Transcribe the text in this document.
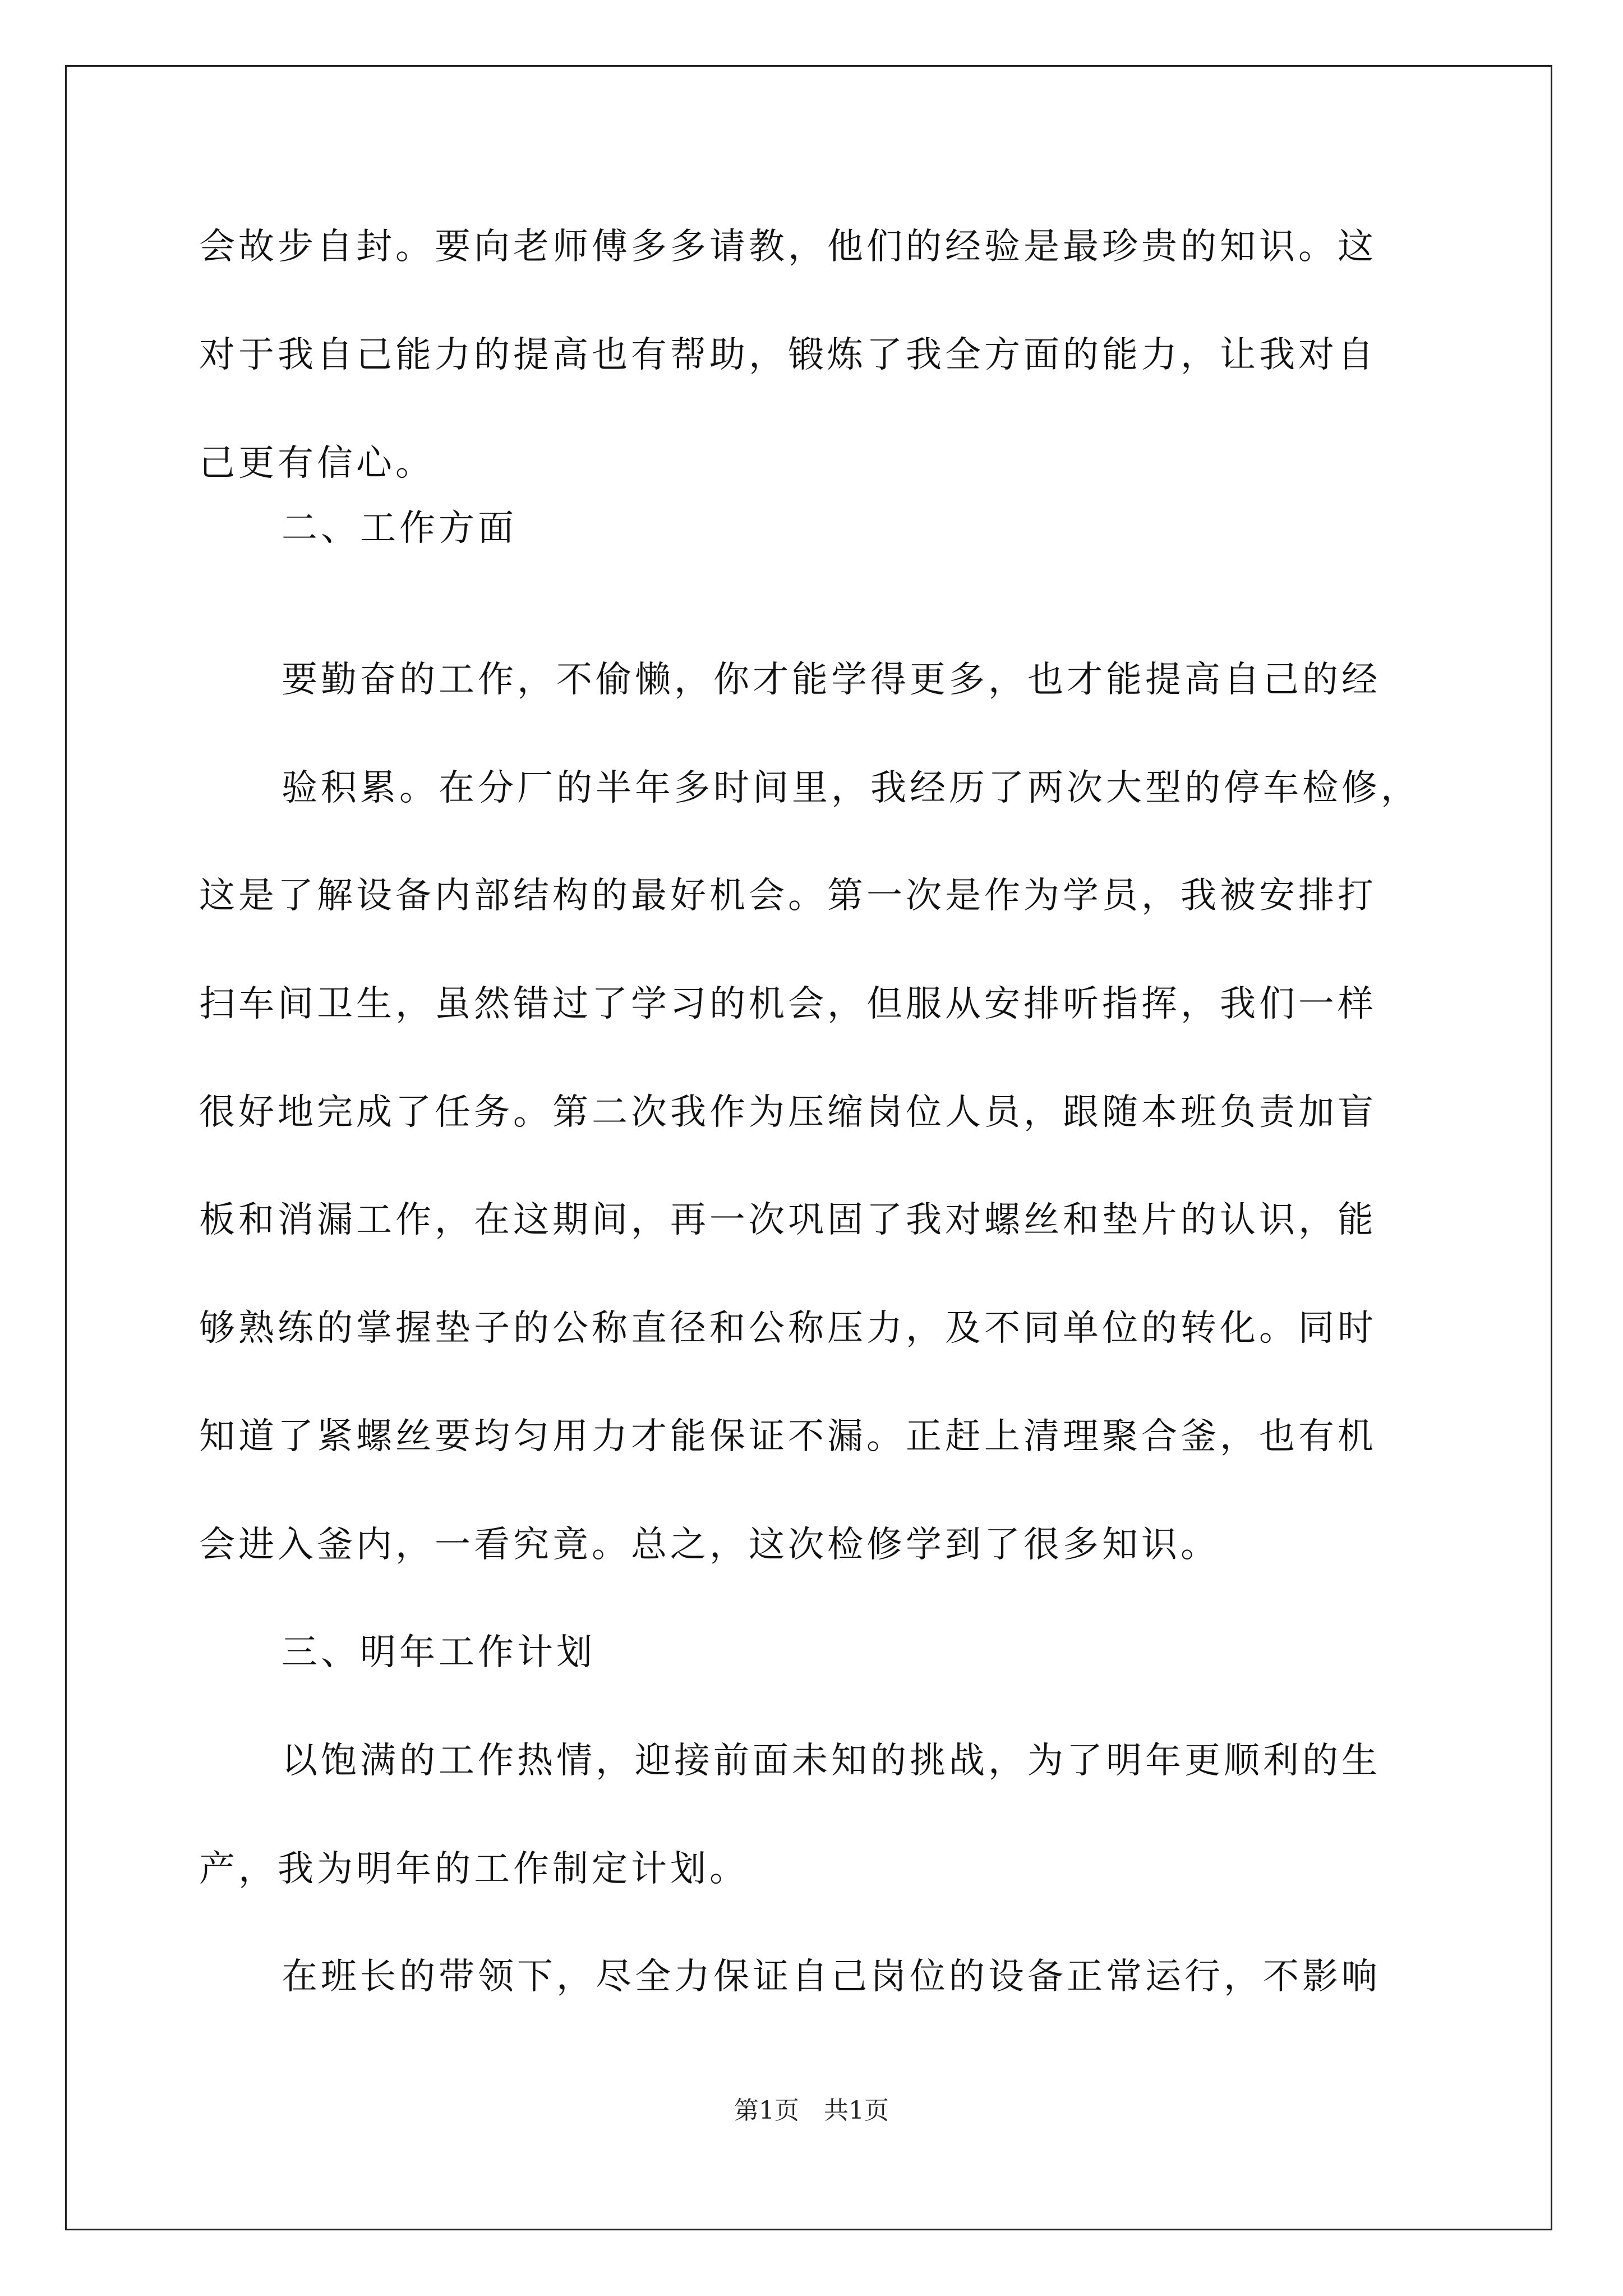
会故步自封。要向老师傅多多请教，他们的经验是最珍贵的知识。这
对于我自己能力的提高也有帮助，锻炼了我全方面的能力，让我对自
己更有信心。
二、工作方面
要勤奋的工作，不偷懒，你才能学得更多，也才能提高自己的经
验积累。在分厂的半年多时间里，我经历了两次大型的停车检修，
这是了解设备内部结构的最好机会。第一次是作为学员，我被安排打
扫车间卫生，虽然错过了学习的机会，但服从安排听指挥，我们一样
很好地完成了任务。第二次我作为压缩岗位人员，跟随本班负责加盲
板和消漏工作，在这期间，再一次巩固了我对螺丝和垫片的认识，能
够熟练的掌握垫子的公称直径和公称压力，及不同单位的转化。同时
知道了紧螺丝要均匀用力才能保证不漏。正赶上清理聚合釜，也有机
会进入釜内，一看究竟。总之，这次检修学到了很多知识。
三、明年工作计划
以饱满的工作热情，迎接前面未知的挑战，为了明年更顺利的生
产，我为明年的工作制定计划。
在班长的带领下，尽全力保证自己岗位的设备正常运行，不影响
第1页　共1页
